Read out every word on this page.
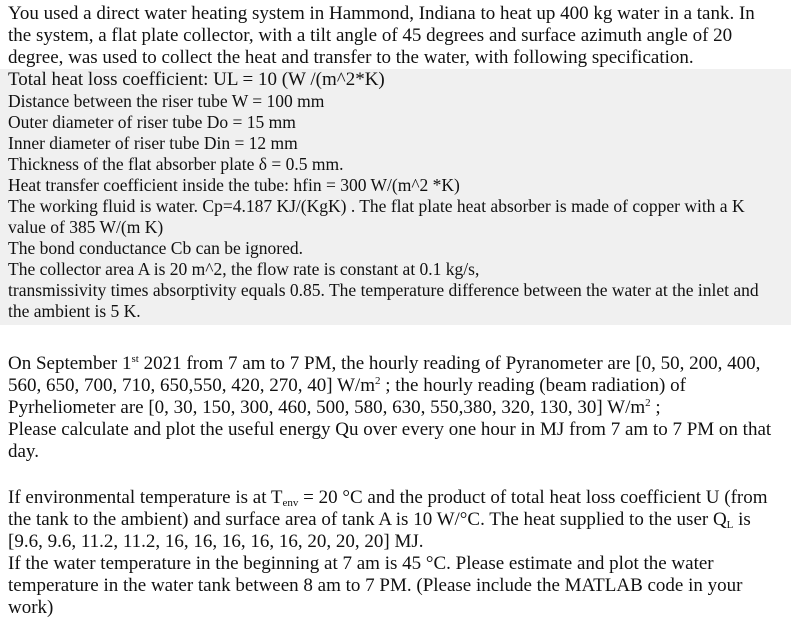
You used a direct water heating system in Hammond, Indiana to heat up 400 kg water in a tank. In the system, a flat plate collector, with a tilt angle of 45 degrees and surface azimuth angle of 20 degree, was used to collect the heat and transfer to the water, with following specification.

Total heat loss coefficient: UL = 10 (W /(m^2*K)

Distance between the riser tube W = 100 mm

Outer diameter of riser tube Do = 15 mm

Inner diameter of riser tube Din = 12 mm

Thickness of the flat absorber plate δ = 0.5 mm.

Heat transfer coefficient inside the tube: hfin = 300 W/(m^2 *K)

The working fluid is water. Cp=4.187 KJ/(KgK) . The flat plate heat absorber is made of copper with a K value of 385 W/(m K)

The bond conductance Cb can be ignored.

The collector area A is 20 m^2, the flow rate is constant at 0.1 kg/s,

transmissivity times absorptivity equals 0.85. The temperature difference between the water at the inlet and the ambient is 5 K.

On September 1st 2021 from 7 am to 7 PM, the hourly reading of Pyranometer are [0, 50, 200, 400, 560, 650, 700, 710, 650,550, 420, 270, 40] $W/m^2$ ; the hourly reading (beam radiation) of Pyrheliometer are [0, 30, 150, 300, 460, 500, 580, 630, 550,380, 320, 130, 30] $W/m^2$ ;

Please calculate and plot the useful energy Qu over every one hour in MJ from 7 am to 7 PM on that day.

If environmental temperature is at $T_{env} = 20$ °C and the product of total heat loss coefficient U (from the tank to the ambient) and surface area of tank A is 10 W/°C. The heat supplied to the user $Q_L$ is [9.6, 9.6, 11.2, 11.2, 16, 16, 16, 16, 16, 20, 20, 20] MJ.

If the water temperature in the beginning at 7 am is 45 °C. Please estimate and plot the water temperature in the water tank between 8 am to 7 PM. (Please include the MATLAB code in your work)
